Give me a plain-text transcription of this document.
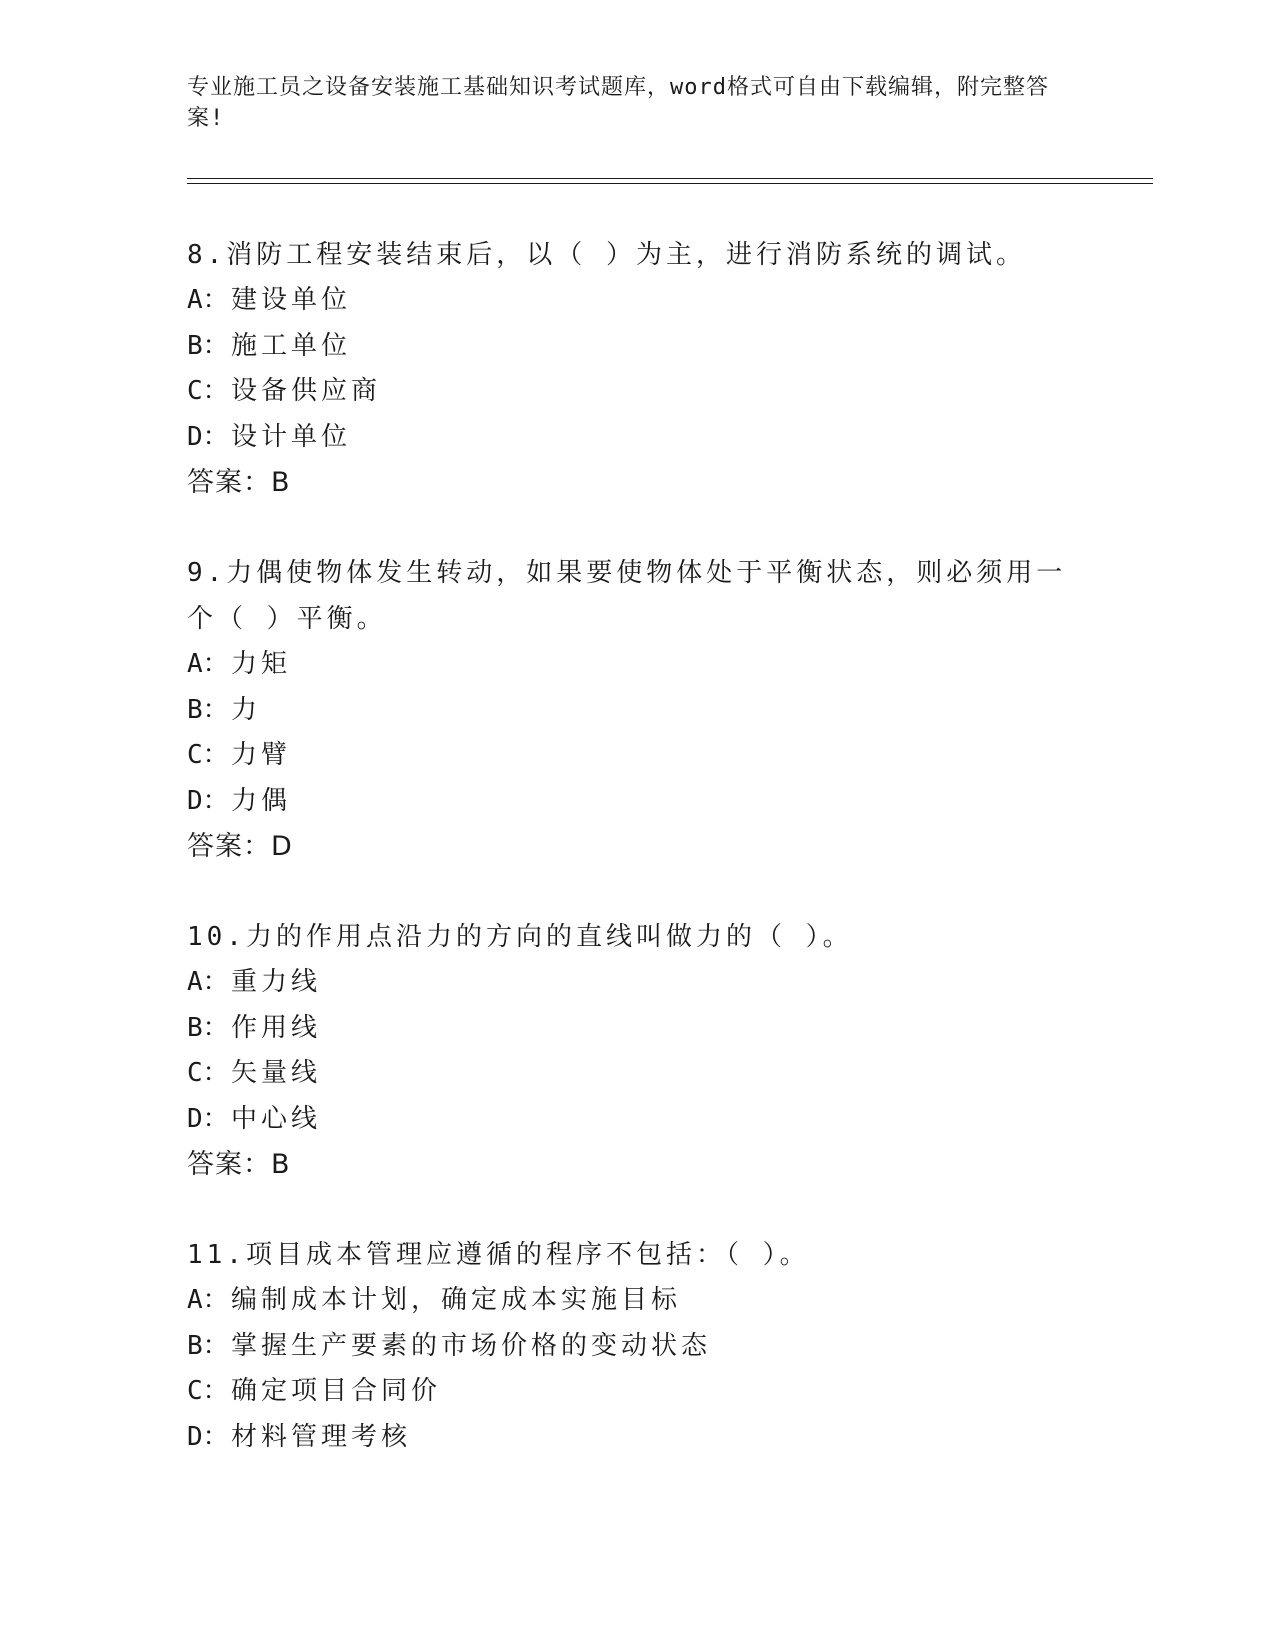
专业施工员之设备安装施工基础知识考试题库，word格式可自由下载编辑，附完整答案!
8.消防工程安装结束后，以（ ）为主，进行消防系统的调试。
A：建设单位
B：施工单位
C：设备供应商
D：设计单位
答案：B
9.力偶使物体发生转动，如果要使物体处于平衡状态，则必须用一个（ ）平衡。
A：力矩
B：力
C：力臂
D：力偶
答案：D
10.力的作用点沿力的方向的直线叫做力的（ ）。
A：重力线
B：作用线
C：矢量线
D：中心线
答案：B
11.项目成本管理应遵循的程序不包括：（ ）。
A：编制成本计划，确定成本实施目标
B：掌握生产要素的市场价格的变动状态
C：确定项目合同价
D：材料管理考核
